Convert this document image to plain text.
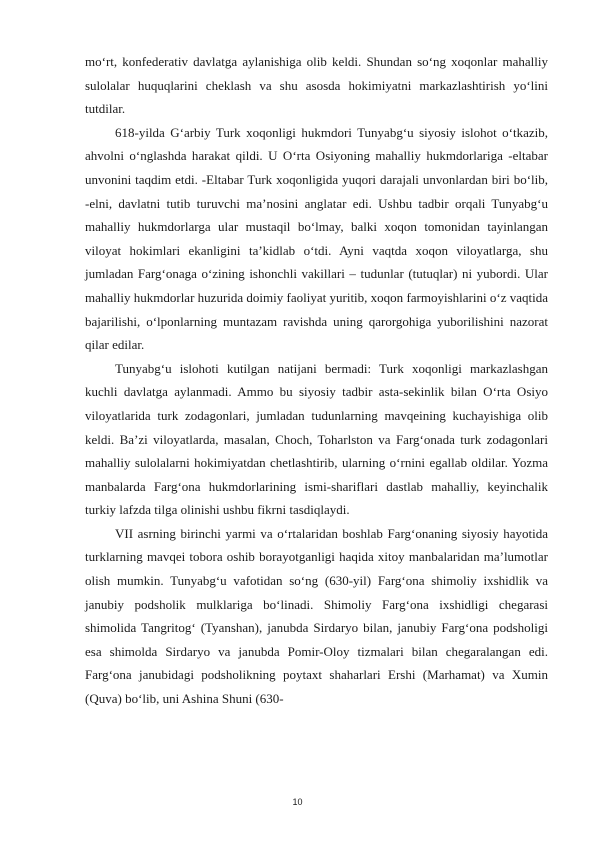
mo‘rt, konfederativ davlatga aylanishiga olib keldi. Shundan so‘ng xoqonlar mahalliy sulolalar huquqlarini cheklash va shu asosda hokimiyatni markazlashtirish yo‘lini tutdilar.

618-yilda G‘arbiy Turk xoqonligi hukmdori Tunyabg‘u siyosiy islohot o‘tkazib, ahvolni o‘nglashda harakat qildi. U O‘rta Osiyoning mahalliy hukmdorlariga -eltabar unvonini taqdim etdi. -Eltabar Turk xoqonligida yuqori darajali unvonlardan biri bo‘lib, -elni, davlatni tutib turuvchi ma’nosini anglatar edi. Ushbu tadbir orqali Tunyabg‘u mahalliy hukmdorlarga ular mustaqil bo‘lmay, balki xoqon tomonidan tayinlangan viloyat hokimlari ekanligini ta’kidlab o‘tdi. Ayni vaqtda xoqon viloyatlarga, shu jumladan Farg‘onaga o‘zining ishonchli vakillari – tudunlar (tutuqlar) ni yubordi. Ular mahalliy hukmdorlar huzurida doimiy faoliyat yuritib, xoqon farmoyishlarini o‘z vaqtida bajarilishi, o‘lponlarning muntazam ravishda uning qarorgohiga yuborilishini nazorat qilar edilar.

Tunyabg‘u islohoti kutilgan natijani bermadi: Turk xoqonligi markazlashgan kuchli davlatga aylanmadi. Ammo bu siyosiy tadbir asta-sekinlik bilan O‘rta Osiyo viloyatlarida turk zodagonlari, jumladan tudunlarning mavqeining kuchayishiga olib keldi. Ba’zi viloyatlarda, masalan, Choch, Toharlston va Farg‘onada turk zodagonlari mahalliy sulolalarni hokimiyatdan chetlashtirib, ularning o‘rnini egallab oldilar. Yozma manbalarda Farg‘ona hukmdorlarining ismi-shariflari dastlab mahalliy, keyinchalik turkiy lafzda tilga olinishi ushbu fikrni tasdiqlaydi.

VII asrning birinchi yarmi va o‘rtalaridan boshlab Farg‘onaning siyosiy hayotida turklarning mavqei tobora oshib borayotganligi haqida xitoy manbalaridan ma’lumotlar olish mumkin. Tunyabg‘u vafotidan so‘ng (630-yil) Farg‘ona shimoliy ixshidlik va janubiy podsholik mulklariga bo‘linadi. Shimoliy Farg‘ona ixshidligi chegarasi shimolida Tangritog‘ (Tyanshan), janubda Sirdaryo bilan, janubiy Farg‘ona podsholigi esa shimolda Sirdaryo va janubda Pomir-Oloy tizmalari bilan chegaralangan edi. Farg‘ona janubidagi podsholikning poytaxt shaharlari Ershi (Marhamat) va Xumin (Quva) bo‘lib, uni Ashina Shuni (630-

10
